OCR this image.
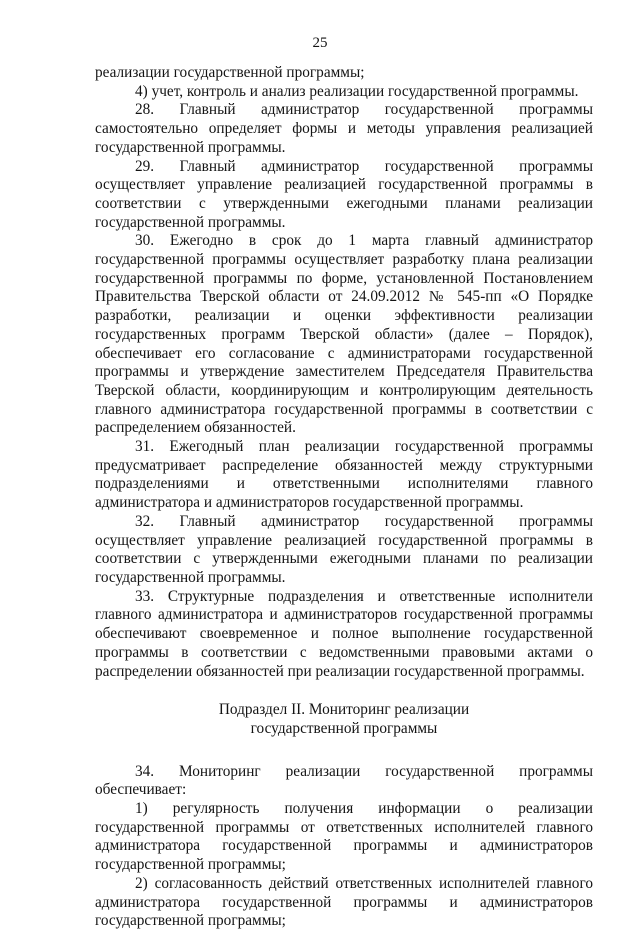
25

реализации государственной программы;

4) учет, контроль и анализ реализации государственной программы.

28. Главный администратор государственной программы самостоятельно определяет формы и методы управления реализацией государственной программы.

29. Главный администратор государственной программы осуществляет управление реализацией государственной программы в соответствии с утвержденными ежегодными планами реализации государственной программы.

30. Ежегодно в срок до 1 марта главный администратор государственной программы осуществляет разработку плана реализации государственной программы по форме, установленной Постановлением Правительства Тверской области от 24.09.2012 № 545-пп «О Порядке разработки, реализации и оценки эффективности реализации государственных программ Тверской области» (далее – Порядок), обеспечивает его согласование с администраторами государственной программы и утверждение заместителем Председателя Правительства Тверской области, координирующим и контролирующим деятельность главного администратора государственной программы в соответствии с распределением обязанностей.

31. Ежегодный план реализации государственной программы предусматривает распределение обязанностей между структурными подразделениями и ответственными исполнителями главного администратора и администраторов государственной программы.

32. Главный администратор государственной программы осуществляет управление реализацией государственной программы в соответствии с утвержденными ежегодными планами по реализации государственной программы.

33. Структурные подразделения и ответственные исполнители главного администратора и администраторов государственной программы обеспечивают своевременное и полное выполнение государственной программы в соответствии с ведомственными правовыми актами о распределении обязанностей при реализации государственной программы.

Подраздел II. Мониторинг реализации
государственной программы

34. Мониторинг реализации государственной программы обеспечивает:

1) регулярность получения информации о реализации государственной программы от ответственных исполнителей главного администратора государственной программы и администраторов государственной программы;

2) согласованность действий ответственных исполнителей главного администратора государственной программы и администраторов государственной программы;
